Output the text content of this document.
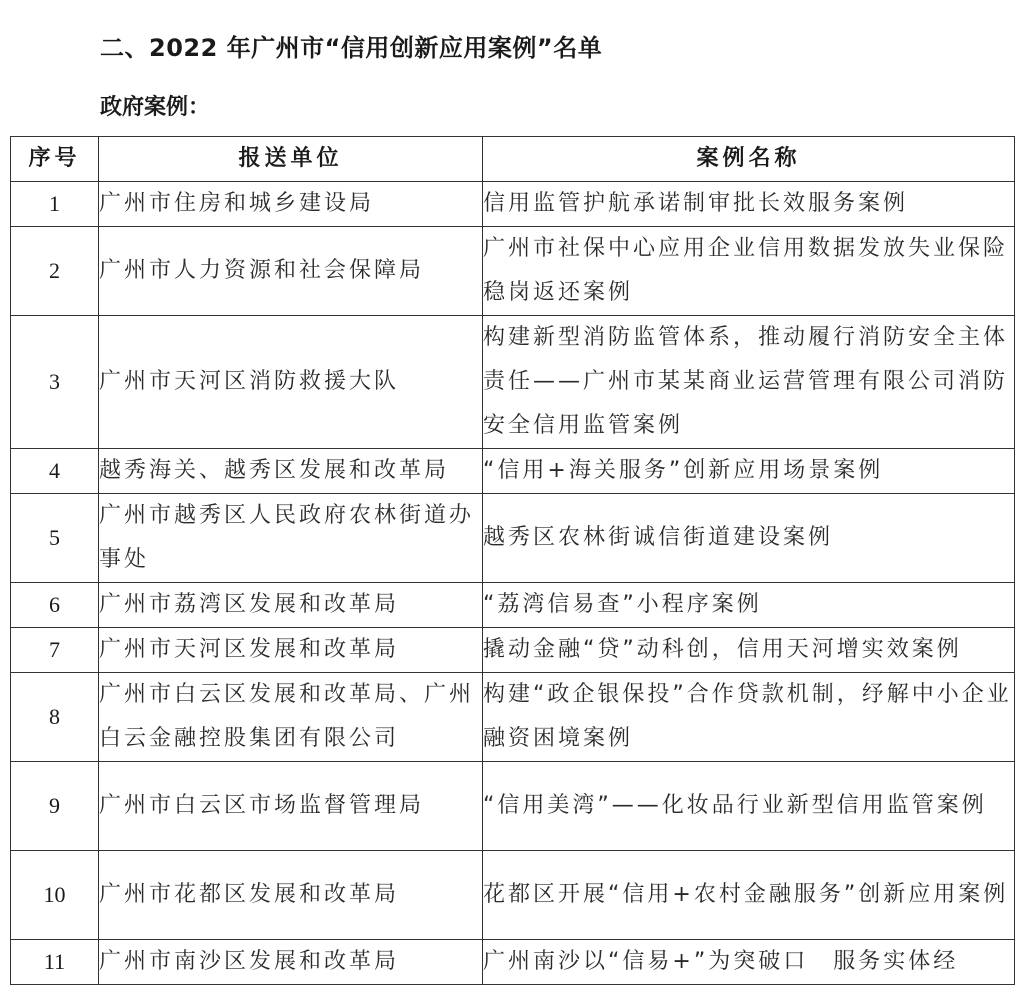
二、2022 年广州市“信用创新应用案例”名单
政府案例：
序号	报送单位	案例名称
1	广州市住房和城乡建设局	信用监管护航承诺制审批长效服务案例
2	广州市人力资源和社会保障局	广州市社保中心应用企业信用数据发放失业保险稳岗返还案例
3	广州市天河区消防救援大队	构建新型消防监管体系，推动履行消防安全主体责任——广州市某某商业运营管理有限公司消防安全信用监管案例
4	越秀海关、越秀区发展和改革局	“信用+海关服务”创新应用场景案例
5	广州市越秀区人民政府农林街道办事处	越秀区农林街诚信街道建设案例
6	广州市荔湾区发展和改革局	“荔湾信易查”小程序案例
7	广州市天河区发展和改革局	撬动金融“贷”动科创，信用天河增实效案例
8	广州市白云区发展和改革局、广州白云金融控股集团有限公司	构建“政企银保投”合作贷款机制，纾解中小企业融资困境案例
9	广州市白云区市场监督管理局	“信用美湾”——化妆品行业新型信用监管案例
10	广州市花都区发展和改革局	花都区开展“信用+农村金融服务”创新应用案例
11	广州市南沙区发展和改革局	广州南沙以“信易+”为突破口　服务实体经
